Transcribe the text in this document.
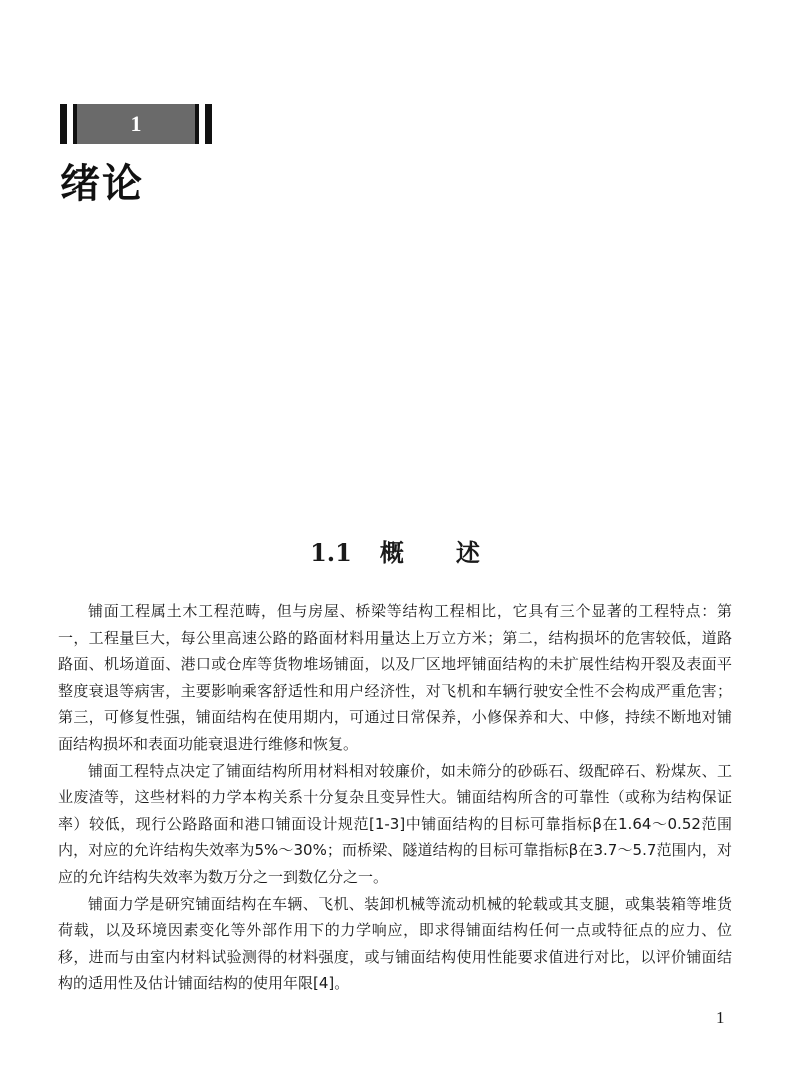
1
绪论
1.1 概 述

铺面工程属土木工程范畴，但与房屋、桥梁等结构工程相比，它具有三个显著的工程特点：第一，工程量巨大，每公里高速公路的路面材料用量达上万立方米；第二，结构损坏的危害较低，道路路面、机场道面、港口或仓库等货物堆场铺面，以及厂区地坪铺面结构的未扩展性结构开裂及表面平整度衰退等病害，主要影响乘客舒适性和用户经济性，对飞机和车辆行驶安全性不会构成严重危害；第三，可修复性强，铺面结构在使用期内，可通过日常保养，小修保养和大、中修，持续不断地对铺面结构损坏和表面功能衰退进行维修和恢复。

铺面工程特点决定了铺面结构所用材料相对较廉价，如未筛分的砂砾石、级配碎石、粉煤灰、工业废渣等，这些材料的力学本构关系十分复杂且变异性大。铺面结构所含的可靠性（或称为结构保证率）较低，现行公路路面和港口铺面设计规范[1-3]中铺面结构的目标可靠指标β在1.64～0.52范围内，对应的允许结构失效率为5%～30%；而桥梁、隧道结构的目标可靠指标β在3.7～5.7范围内，对应的允许结构失效率为数万分之一到数亿分之一。

铺面力学是研究铺面结构在车辆、飞机、装卸机械等流动机械的轮载或其支腿，或集装箱等堆货荷载，以及环境因素变化等外部作用下的力学响应，即求得铺面结构任何一点或特征点的应力、位移，进而与由室内材料试验测得的材料强度，或与铺面结构使用性能要求值进行对比，以评价铺面结构的适用性及估计铺面结构的使用年限[4]。

1
